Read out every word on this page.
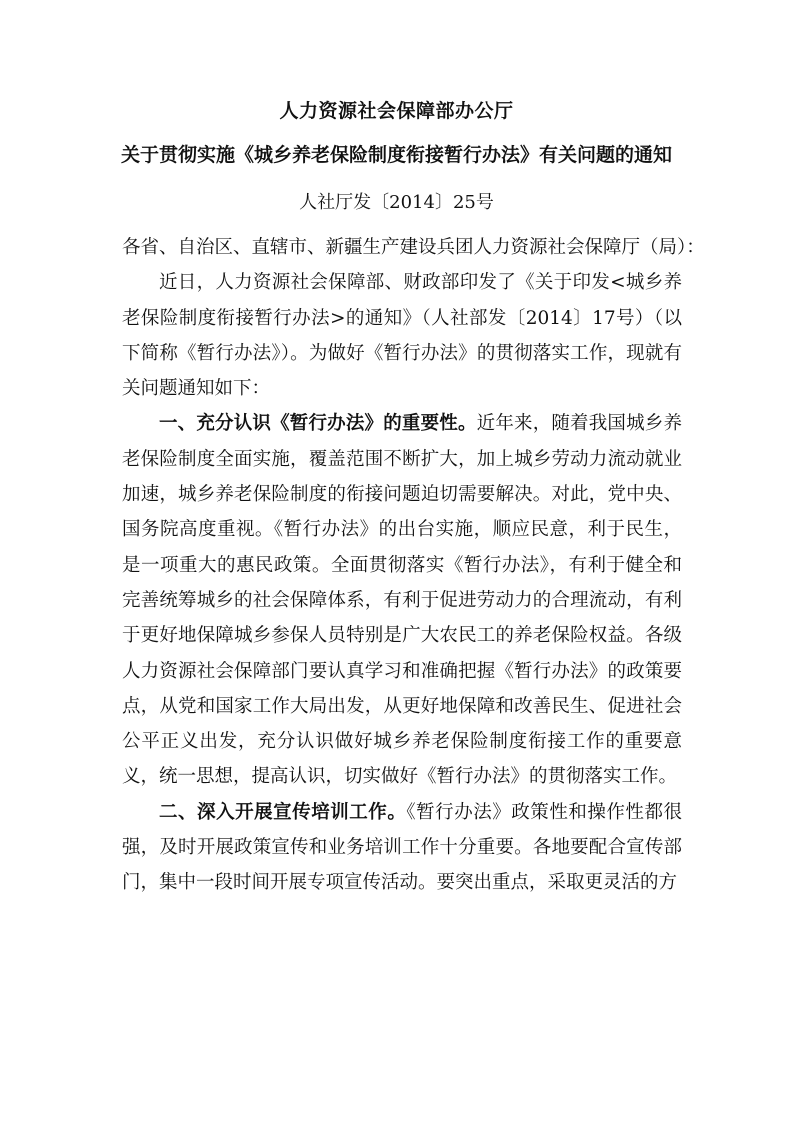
人力资源社会保障部办公厅
关于贯彻实施《城乡养老保险制度衔接暂行办法》有关问题的通知
人社厅发〔2014〕25号

各省、自治区、直辖市、新疆生产建设兵团人力资源社会保障厅（局）：

近日，人力资源社会保障部、财政部印发了《关于印发<城乡养老保险制度衔接暂行办法>的通知》（人社部发〔2014〕17号）（以下简称《暂行办法》）。为做好《暂行办法》的贯彻落实工作，现就有关问题通知如下：

一、充分认识《暂行办法》的重要性。近年来，随着我国城乡养老保险制度全面实施，覆盖范围不断扩大，加上城乡劳动力流动就业加速，城乡养老保险制度的衔接问题迫切需要解决。对此，党中央、国务院高度重视。《暂行办法》的出台实施，顺应民意，利于民生，是一项重大的惠民政策。全面贯彻落实《暂行办法》，有利于健全和完善统筹城乡的社会保障体系，有利于促进劳动力的合理流动，有利于更好地保障城乡参保人员特别是广大农民工的养老保险权益。各级人力资源社会保障部门要认真学习和准确把握《暂行办法》的政策要点，从党和国家工作大局出发，从更好地保障和改善民生、促进社会公平正义出发，充分认识做好城乡养老保险制度衔接工作的重要意义，统一思想，提高认识，切实做好《暂行办法》的贯彻落实工作。

二、深入开展宣传培训工作。《暂行办法》政策性和操作性都很强，及时开展政策宣传和业务培训工作十分重要。各地要配合宣传部门，集中一段时间开展专项宣传活动。要突出重点，采取更灵活的方
